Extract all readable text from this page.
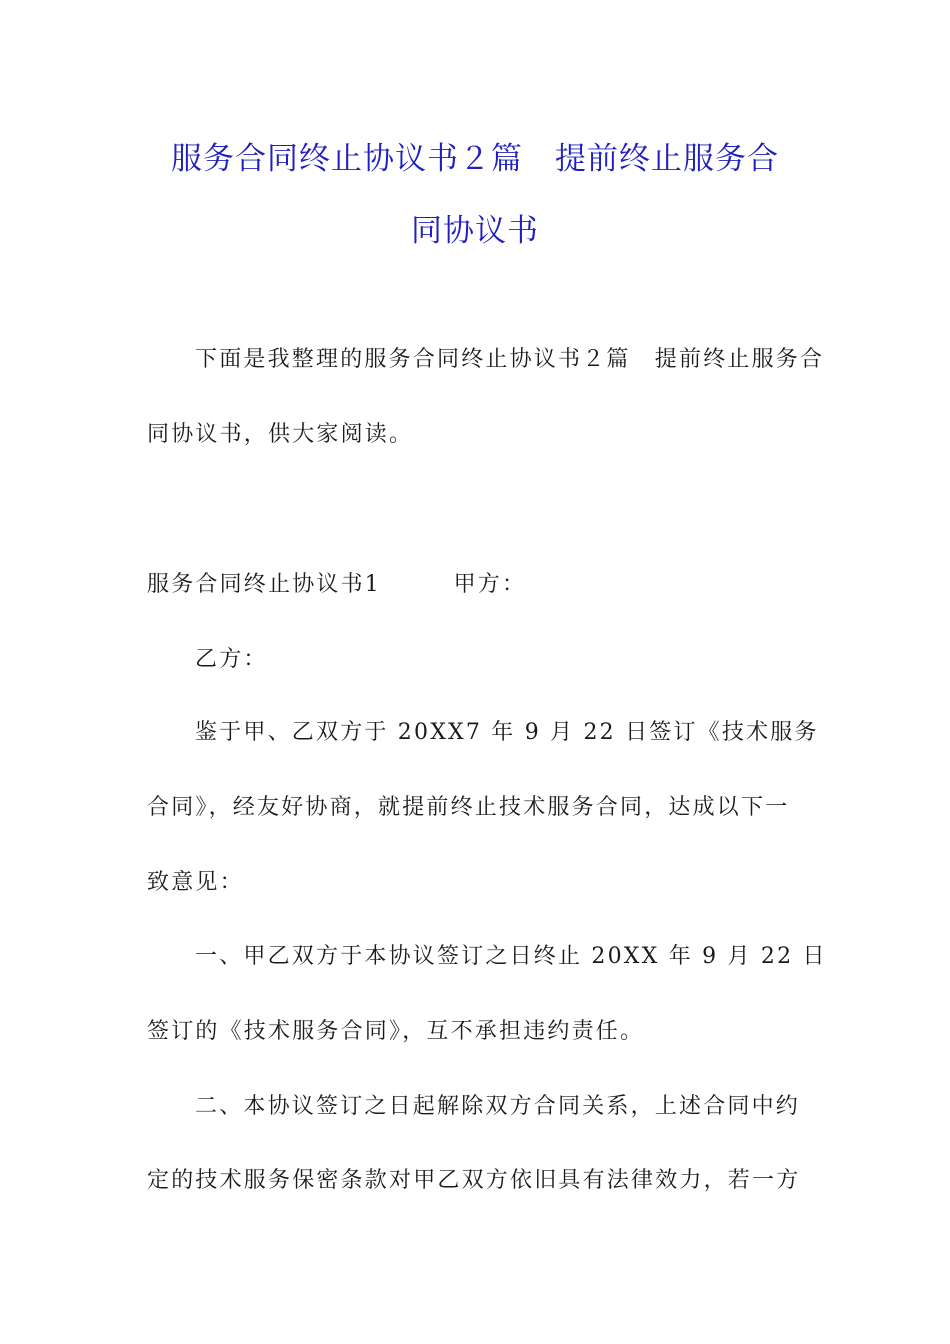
服务合同终止协议书２篇　提前终止服务合
同协议书

下面是我整理的服务合同终止协议书２篇　提前终止服务合

同协议书，供大家阅读。

服务合同终止协议书1　　　甲方：

乙方：

鉴于甲、乙双方于 20XX7 年 9 月 22 日签订《技术服务

合同》，经友好协商，就提前终止技术服务合同，达成以下一

致意见：

一、甲乙双方于本协议签订之日终止 20XX 年 9 月 22 日

签订的《技术服务合同》，互不承担违约责任。

二、本协议签订之日起解除双方合同关系，上述合同中约

定的技术服务保密条款对甲乙双方依旧具有法律效力，若一方
